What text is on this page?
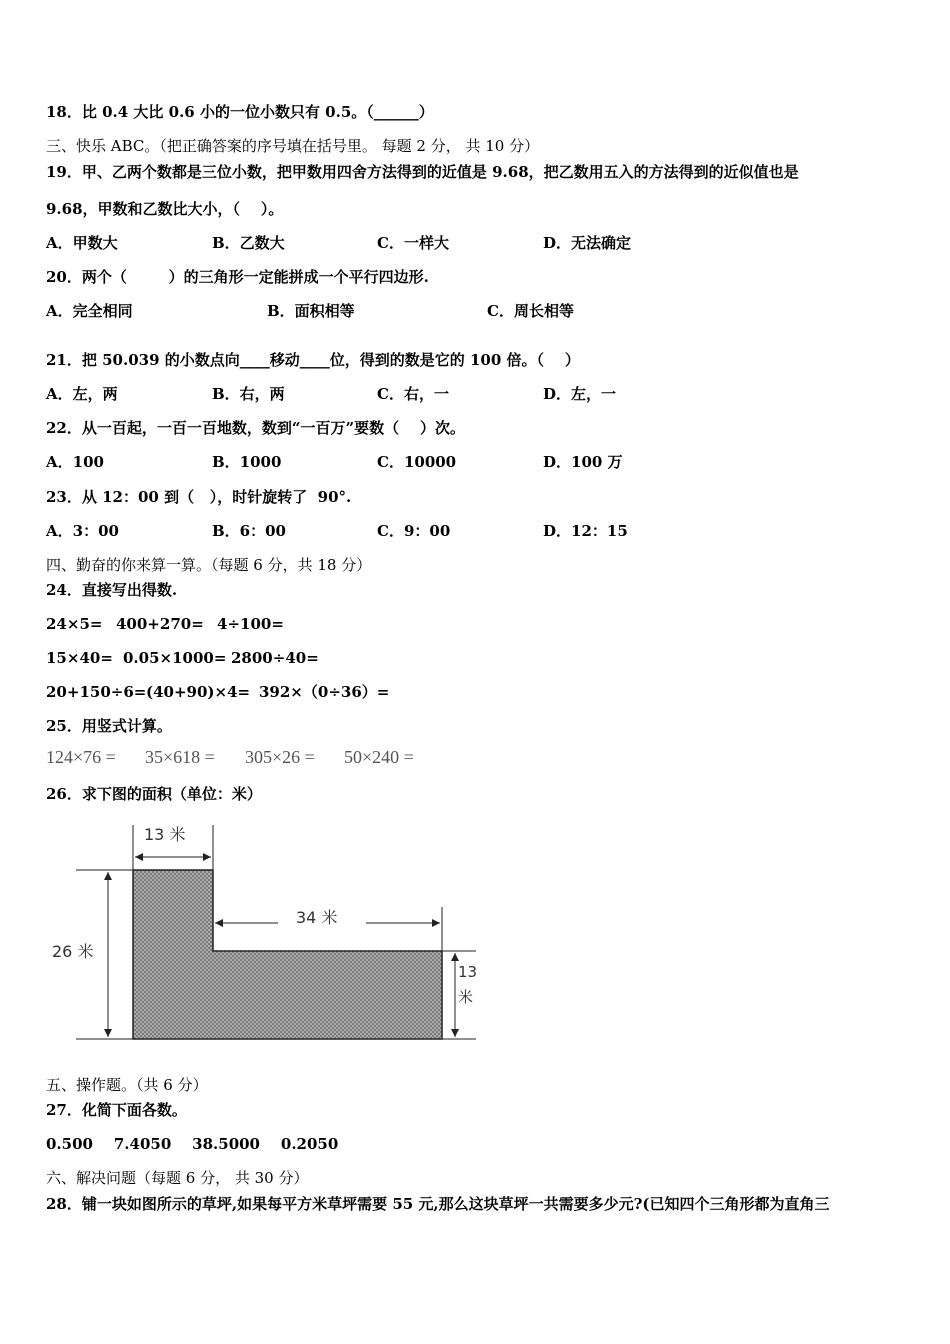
18．比 0.4 大比 0.6 小的一位小数只有 0.5。（______）
三、快乐 ABC。（把正确答案的序号填在括号里。 每题 2 分， 共 10 分）
19．甲、乙两个数都是三位小数，把甲数用四舍方法得到的近值是 9.68，把乙数用五入的方法得到的近似值也是
9.68，甲数和乙数比大小，（    ）。
A．甲数大	B．乙数大	C．一样大	D．无法确定
20．两个（        ）的三角形一定能拼成一个平行四边形.
A．完全相同	B．面积相等	C．周长相等
21．把 50.039 的小数点向____移动____位，得到的数是它的 100 倍。（    ）
A．左，两	B．右，两	C．右，一	D．左，一
22．从一百起，一百一百地数，数到“一百万”要数（    ）次。
A．100	B．1000	C．10000	D．100 万
23．从 12：00 到（   ），时针旋转了  90°.
A．3：00	B．6：00	C．9：00	D．12：15
四、勤奋的你来算一算。（每题 6 分，共 18 分）
24．直接写出得数.
24×5= 400+270= 4÷100=
15×40= 0.05×1000= 2800÷40=
20+150÷6= (40+90)×4= 392×（0÷36）=
25．用竖式计算。
124×76 = 35×618 = 305×26 = 50×240 =
26．求下图的面积（单位：米）
13 米
34 米
26 米
13
米
五、操作题。（共 6 分）
27．化简下面各数。
0.500    7.4050    38.5000    0.2050
六、解决问题（每题 6 分， 共 30 分）
28．铺一块如图所示的草坪,如果每平方米草坪需要 55 元,那么这块草坪一共需要多少元?(已知四个三角形都为直角三
